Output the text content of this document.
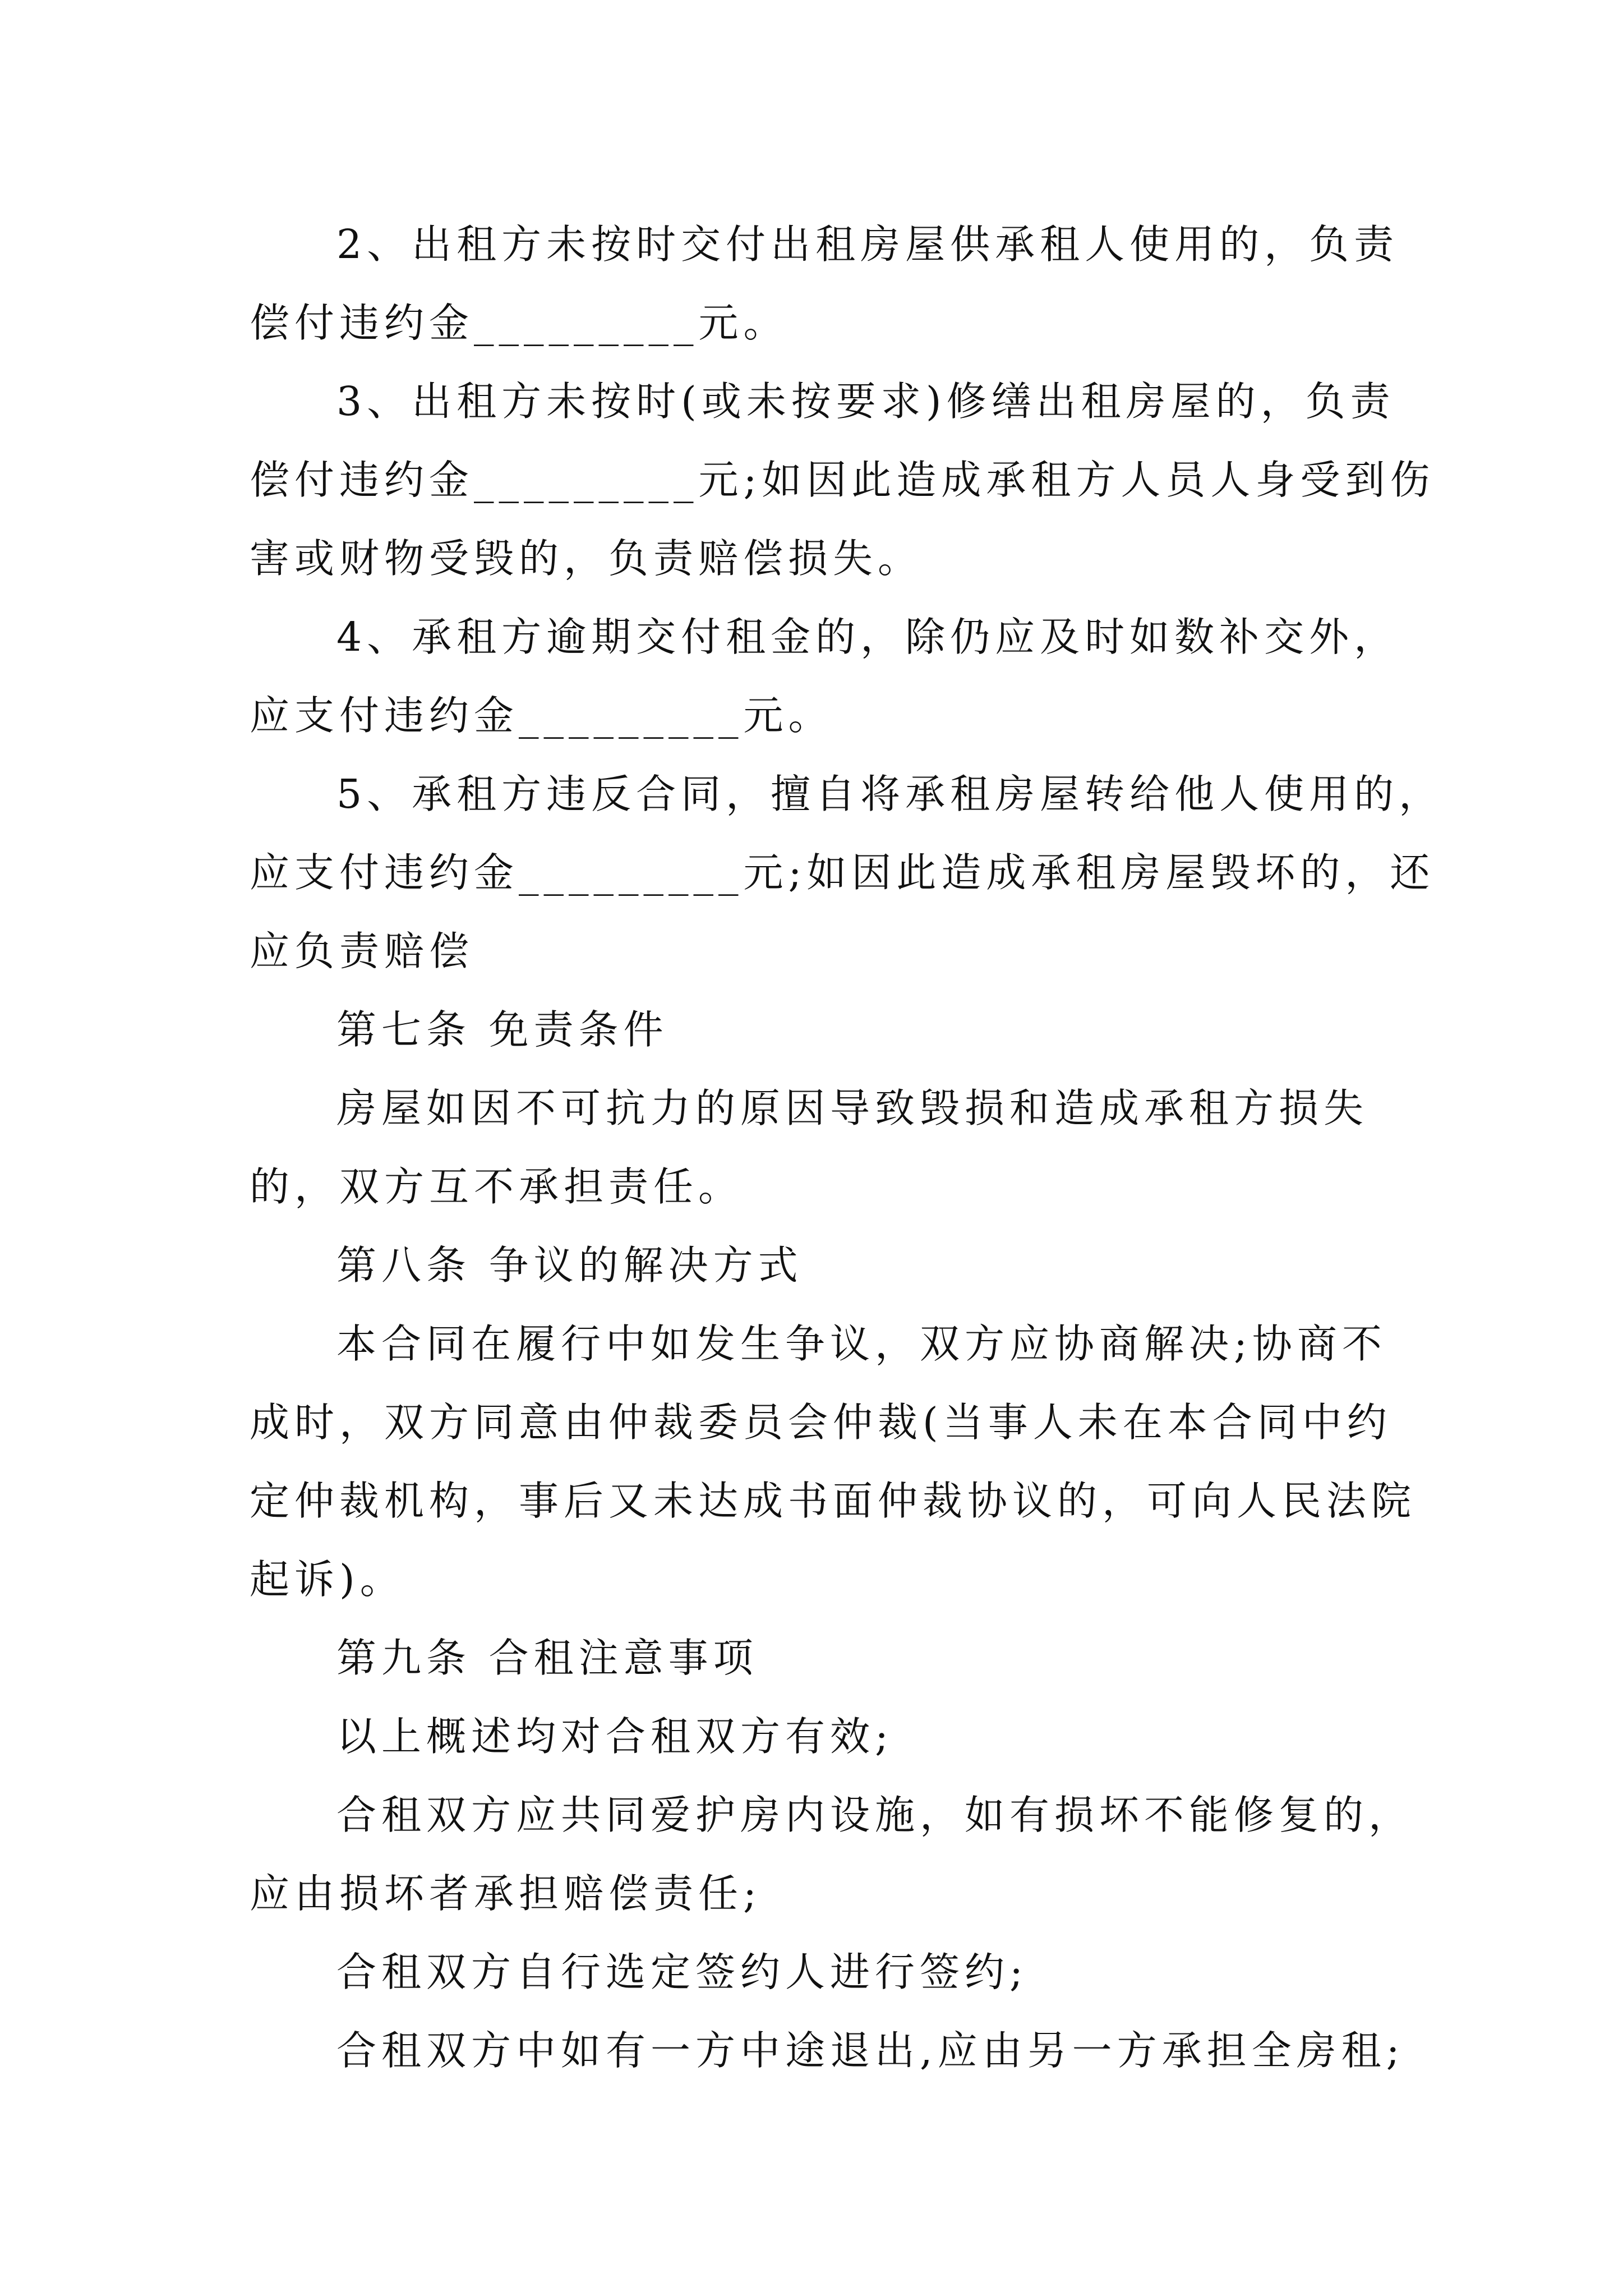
2、出租方未按时交付出租房屋供承租人使用的，负责
偿付违约金_________元。
3、出租方未按时(或未按要求)修缮出租房屋的，负责
偿付违约金_________元;如因此造成承租方人员人身受到伤
害或财物受毁的，负责赔偿损失。
4、承租方逾期交付租金的，除仍应及时如数补交外，
应支付违约金_________元。
5、承租方违反合同，擅自将承租房屋转给他人使用的，
应支付违约金_________元;如因此造成承租房屋毁坏的，还
应负责赔偿
第七条 免责条件
房屋如因不可抗力的原因导致毁损和造成承租方损失
的，双方互不承担责任。
第八条 争议的解决方式
本合同在履行中如发生争议，双方应协商解决;协商不
成时，双方同意由仲裁委员会仲裁(当事人未在本合同中约
定仲裁机构，事后又未达成书面仲裁协议的，可向人民法院
起诉)。
第九条 合租注意事项
以上概述均对合租双方有效;
合租双方应共同爱护房内设施，如有损坏不能修复的，
应由损坏者承担赔偿责任;
合租双方自行选定签约人进行签约;
合租双方中如有一方中途退出,应由另一方承担全房租;
